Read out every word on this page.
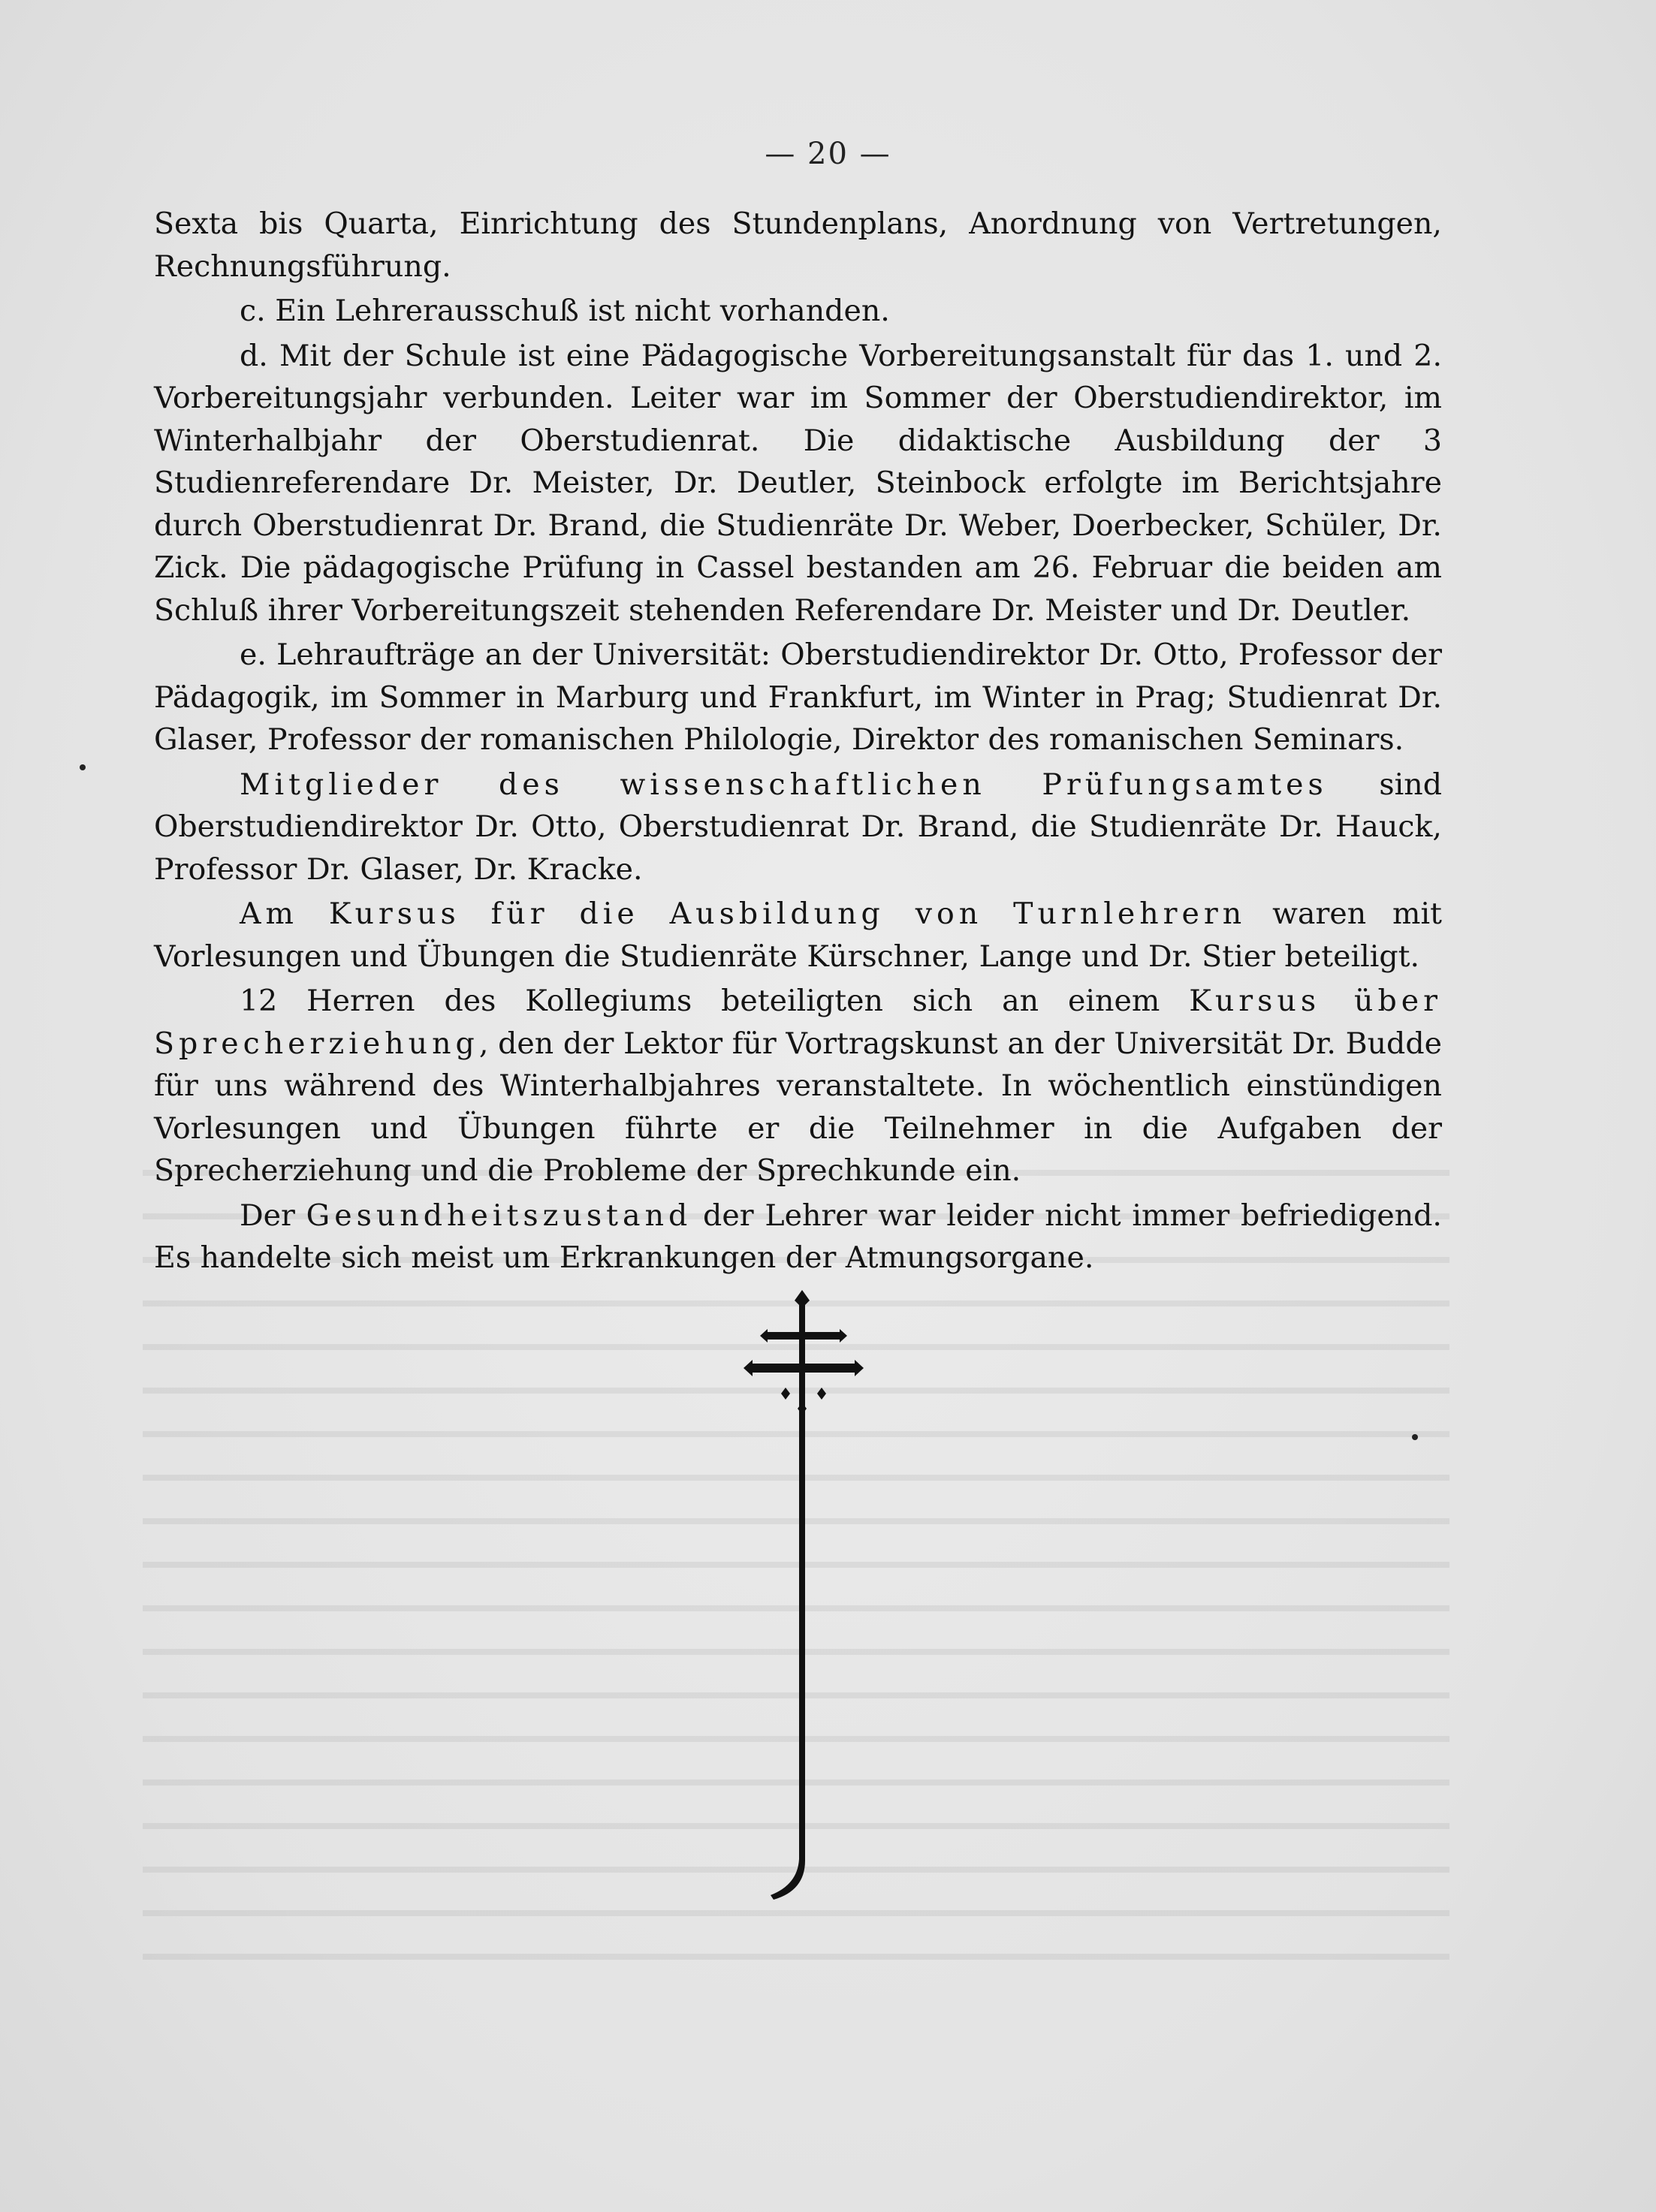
— 20 —

Sexta bis Quarta, Einrichtung des Stundenplans, Anordnung von Vertretungen, Rechnungsführung.

c. Ein Lehrerausschuß ist nicht vorhanden.

d. Mit der Schule ist eine Pädagogische Vorbereitungsanstalt für das 1. und 2. Vorbereitungsjahr verbunden. Leiter war im Sommer der Oberstudiendirektor, im Winterhalbjahr der Oberstudienrat. Die didaktische Ausbildung der 3 Studienreferendare Dr. Meister, Dr. Deutler, Steinbock erfolgte im Berichtsjahre durch Oberstudienrat Dr. Brand, die Studienräte Dr. Weber, Doerbecker, Schüler, Dr. Zick. Die pädagogische Prüfung in Cassel bestanden am 26. Februar die beiden am Schluß ihrer Vorbereitungszeit stehenden Referendare Dr. Meister und Dr. Deutler.

e. Lehraufträge an der Universität: Oberstudiendirektor Dr. Otto, Professor der Pädagogik, im Sommer in Marburg und Frankfurt, im Winter in Prag; Studienrat Dr. Glaser, Professor der romanischen Philologie, Direktor des romanischen Seminars.

Mitglieder des wissenschaftlichen Prüfungsamtes sind Oberstudiendirektor Dr. Otto, Oberstudienrat Dr. Brand, die Studienräte Dr. Hauck, Professor Dr. Glaser, Dr. Kracke.

Am Kursus für die Ausbildung von Turnlehrern waren mit Vorlesungen und Übungen die Studienräte Kürschner, Lange und Dr. Stier beteiligt.

12 Herren des Kollegiums beteiligten sich an einem Kursus über Sprecherziehung, den der Lektor für Vortragskunst an der Universität Dr. Budde für uns während des Winterhalbjahres veranstaltete. In wöchentlich einstündigen Vorlesungen und Übungen führte er die Teilnehmer in die Aufgaben der Sprecherziehung und die Probleme der Sprechkunde ein.

Der Gesundheitszustand der Lehrer war leider nicht immer befriedigend. Es handelte sich meist um Erkrankungen der Atmungsorgane.
